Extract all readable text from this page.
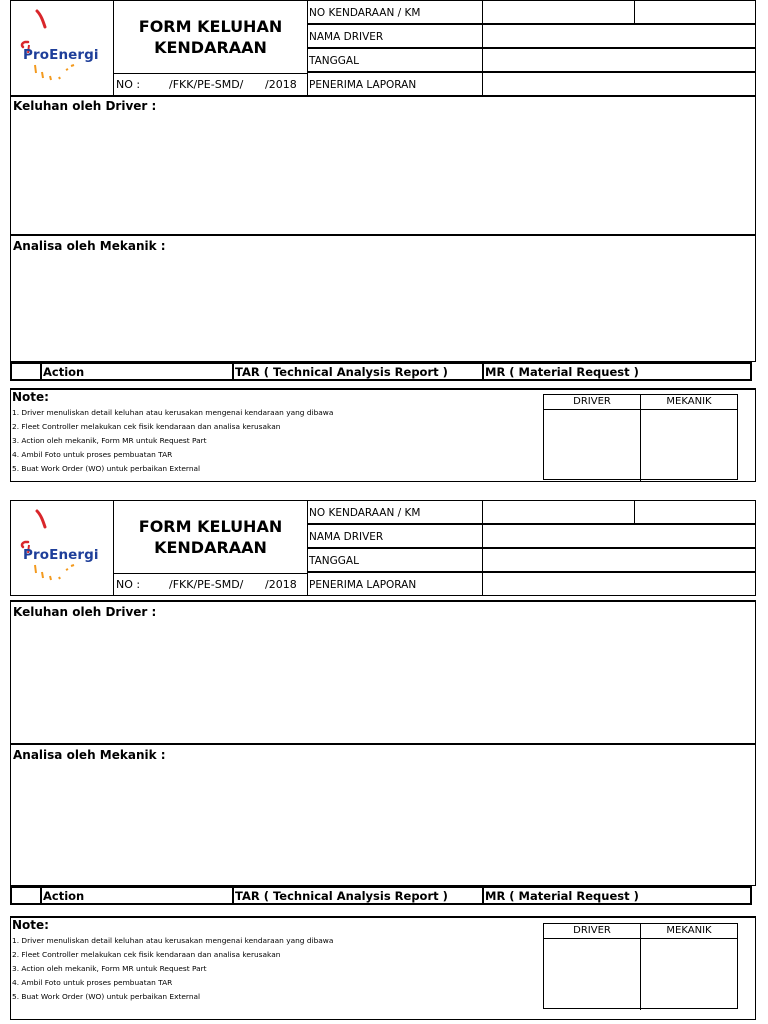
ProEnergi
FORM KELUHAN
KENDARAAN
NO :	/FKK/PE-SMD/ /2018
NO KENDARAAN / KM
NAMA DRIVER
TANGGAL
PENERIMA LAPORAN
Keluhan oleh Driver :
Analisa oleh Mekanik :
Action	TAR ( Technical Analysis Report )	MR ( Material Request )
Note:
1. Driver menuliskan detail keluhan atau kerusakan mengenai kendaraan yang dibawa
2. Fleet Controller melakukan cek fisik kendaraan dan analisa kerusakan
3. Action oleh mekanik, Form MR untuk Request Part
4. Ambil Foto untuk proses pembuatan TAR
5. Buat Work Order (WO) untuk perbaikan External
DRIVER	MEKANIK
ProEnergi
FORM KELUHAN
KENDARAAN
NO :	/FKK/PE-SMD/ /2018
NO KENDARAAN / KM
NAMA DRIVER
TANGGAL
PENERIMA LAPORAN
Keluhan oleh Driver :
Analisa oleh Mekanik :
Action	TAR ( Technical Analysis Report )	MR ( Material Request )
Note:
1. Driver menuliskan detail keluhan atau kerusakan mengenai kendaraan yang dibawa
2. Fleet Controller melakukan cek fisik kendaraan dan analisa kerusakan
3. Action oleh mekanik, Form MR untuk Request Part
4. Ambil Foto untuk proses pembuatan TAR
5. Buat Work Order (WO) untuk perbaikan External
DRIVER	MEKANIK
